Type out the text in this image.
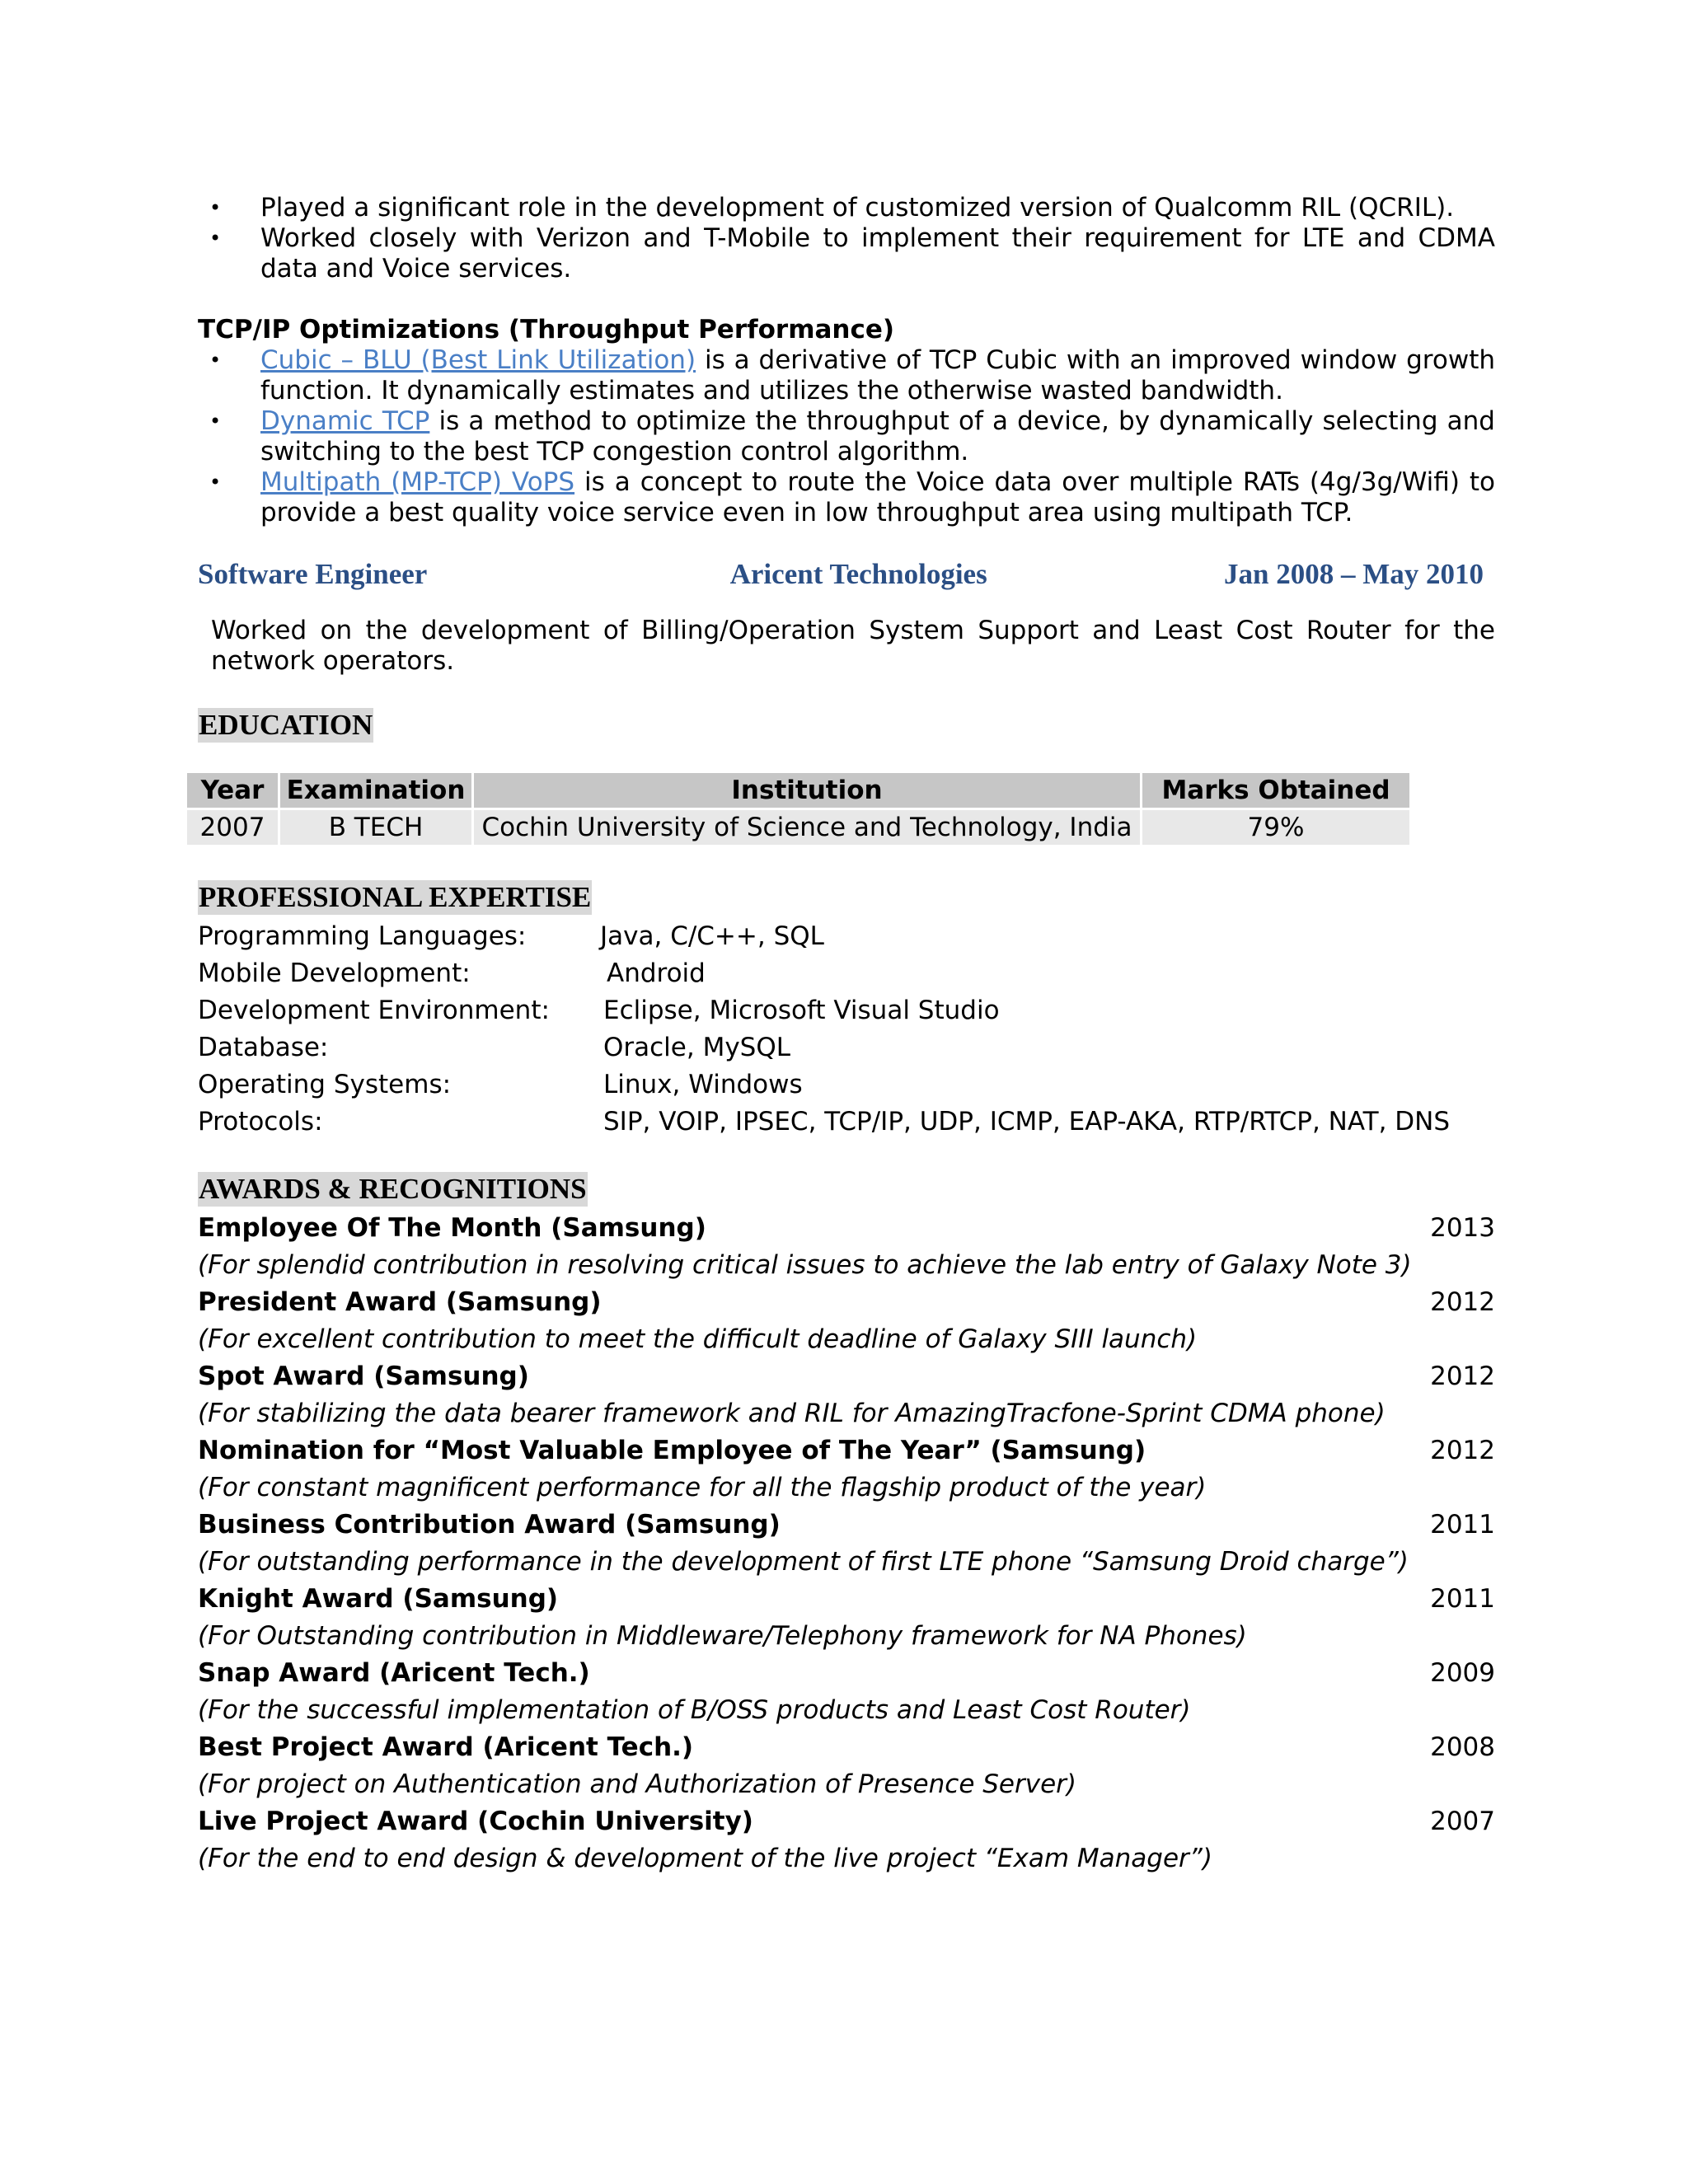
• Played a significant role in the development of customized version of Qualcomm RIL (QCRIL).
• Worked closely with Verizon and T-Mobile to implement their requirement for LTE and CDMA data and Voice services.
TCP/IP Optimizations (Throughput Performance)
• Cubic – BLU (Best Link Utilization) is a derivative of TCP Cubic with an improved window growth function. It dynamically estimates and utilizes the otherwise wasted bandwidth.
• Dynamic TCP is a method to optimize the throughput of a device, by dynamically selecting and switching to the best TCP congestion control algorithm.
• Multipath (MP-TCP) VoPS is a concept to route the Voice data over multiple RATs (4g/3g/Wifi) to provide a best quality voice service even in low throughput area using multipath TCP.
Software Engineer	Aricent Technologies	Jan 2008 – May 2010
Worked on the development of Billing/Operation System Support and Least Cost Router for the network operators.
EDUCATION
Year	Examination	Institution	Marks Obtained
2007	B TECH	Cochin University of Science and Technology, India	79%
PROFESSIONAL EXPERTISE
Programming Languages:	Java, C/C++, SQL
Mobile Development:	Android
Development Environment:	Eclipse, Microsoft Visual Studio
Database:	Oracle, MySQL
Operating Systems:	Linux, Windows
Protocols:	SIP, VOIP, IPSEC, TCP/IP, UDP, ICMP, EAP-AKA, RTP/RTCP, NAT, DNS
AWARDS & RECOGNITIONS
Employee Of The Month (Samsung)	2013
(For splendid contribution in resolving critical issues to achieve the lab entry of Galaxy Note 3)
President Award (Samsung)	2012
(For excellent contribution to meet the difficult deadline of Galaxy SIII launch)
Spot Award (Samsung)	2012
(For stabilizing the data bearer framework and RIL for AmazingTracfone-Sprint CDMA phone)
Nomination for “Most Valuable Employee of The Year” (Samsung)	2012
(For constant magnificent performance for all the flagship product of the year)
Business Contribution Award (Samsung)	2011
(For outstanding performance in the development of first LTE phone “Samsung Droid charge”)
Knight Award (Samsung)	2011
(For Outstanding contribution in Middleware/Telephony framework for NA Phones)
Snap Award (Aricent Tech.)	2009
(For the successful implementation of B/OSS products and Least Cost Router)
Best Project Award (Aricent Tech.)	2008
(For project on Authentication and Authorization of Presence Server)
Live Project Award (Cochin University)	2007
(For the end to end design & development of the live project “Exam Manager”)
